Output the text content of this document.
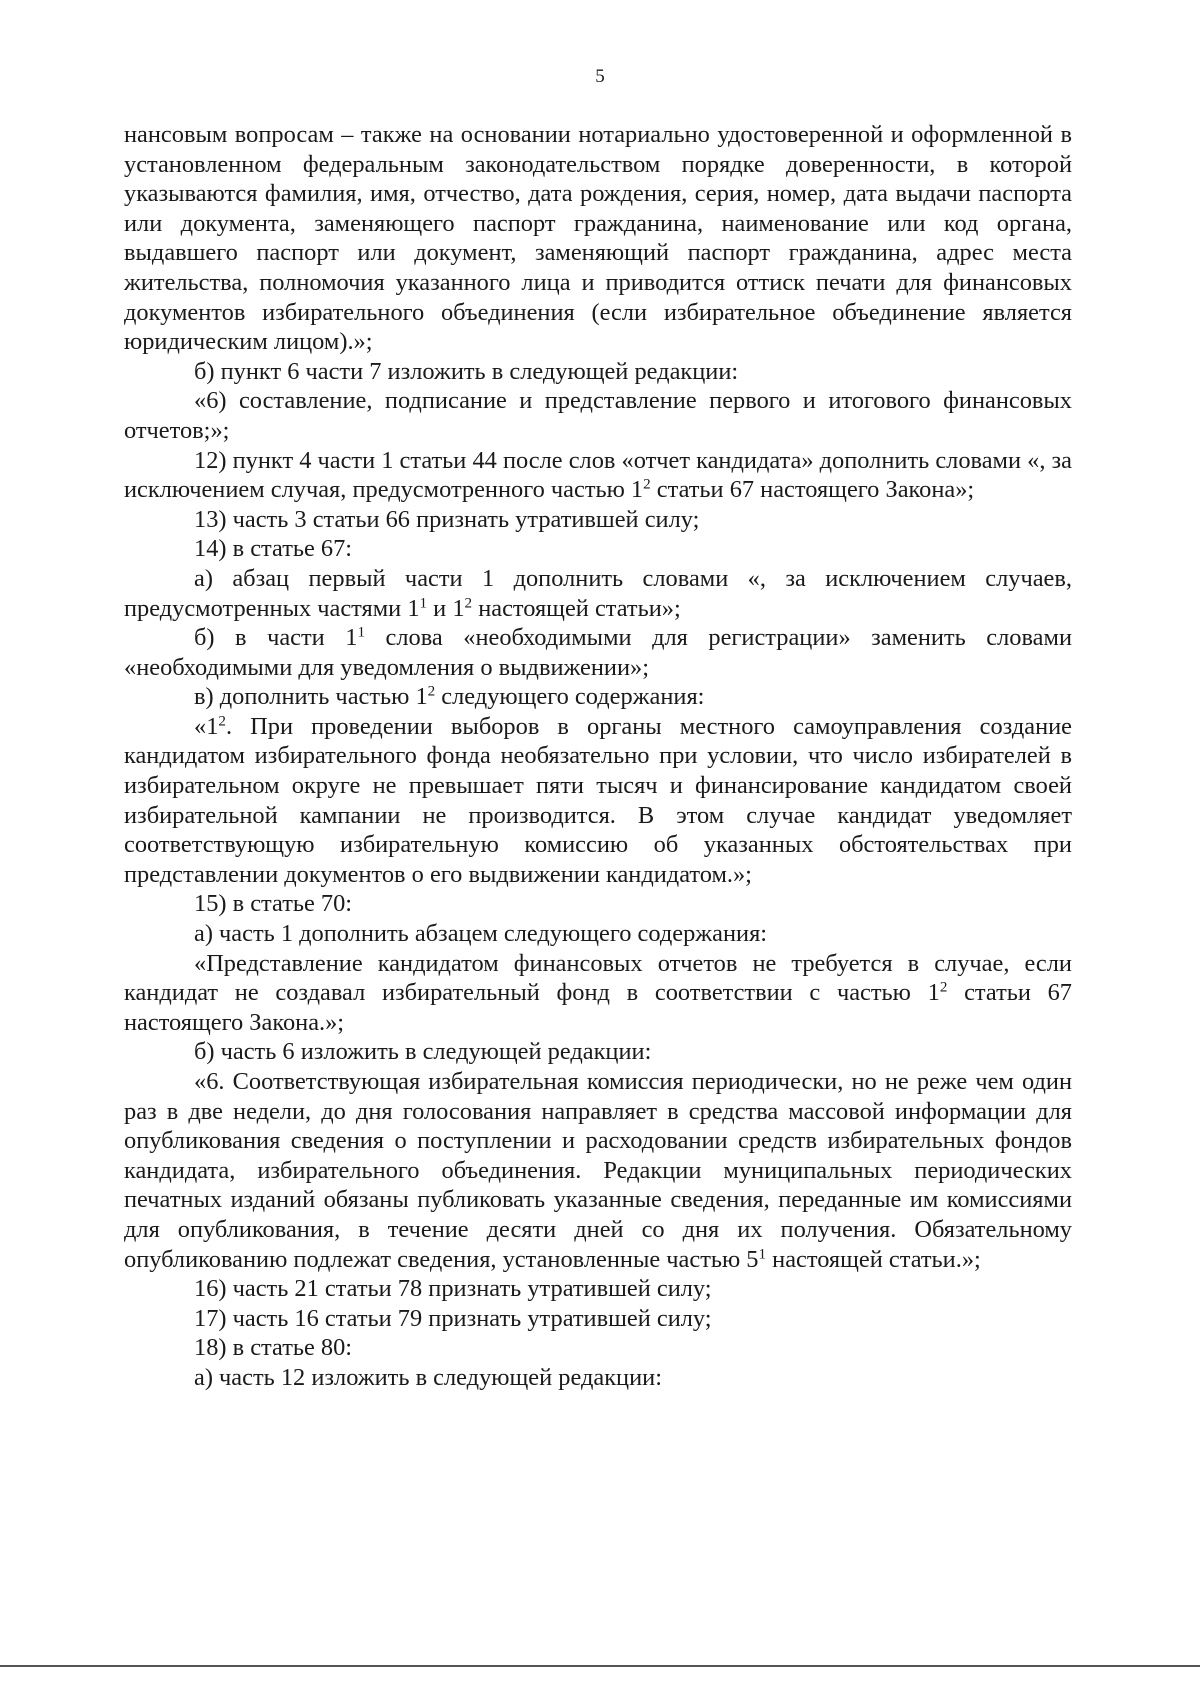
5

нансовым вопросам – также на основании нотариально удостоверенной и оформленной в установленном федеральным законодательством порядке доверенности, в которой указываются фамилия, имя, отчество, дата рождения, серия, номер, дата выдачи паспорта или документа, заменяющего паспорт гражданина, наименование или код органа, выдавшего паспорт или документ, заменяющий паспорт гражданина, адрес места жительства, полномочия указанного лица и приводится оттиск печати для финансовых документов избирательного объединения (если избирательное объединение является юридическим лицом).»;

б) пункт 6 части 7 изложить в следующей редакции:

«6) составление, подписание и представление первого и итогового финансовых отчетов;»;

12) пункт 4 части 1 статьи 44 после слов «отчет кандидата» дополнить словами «, за исключением случая, предусмотренного частью $1^2$ статьи 67 настоящего Закона»;

13) часть 3 статьи 66 признать утратившей силу;

14) в статье 67:

а) абзац первый части 1 дополнить словами «, за исключением случаев, предусмотренных частями $1^1$ и $1^2$ настоящей статьи»;

б) в части $1^1$ слова «необходимыми для регистрации» заменить словами «необходимыми для уведомления о выдвижении»;

в) дополнить частью $1^2$ следующего содержания:

«$1^2$. При проведении выборов в органы местного самоуправления создание кандидатом избирательного фонда необязательно при условии, что число избирателей в избирательном округе не превышает пяти тысяч и финансирование кандидатом своей избирательной кампании не производится. В этом случае кандидат уведомляет соответствующую избирательную комиссию об указанных обстоятельствах при представлении документов о его выдвижении кандидатом.»;

15) в статье 70:

а) часть 1 дополнить абзацем следующего содержания:

«Представление кандидатом финансовых отчетов не требуется в случае, если кандидат не создавал избирательный фонд в соответствии с частью $1^2$ статьи 67 настоящего Закона.»;

б) часть 6 изложить в следующей редакции:

«6. Соответствующая избирательная комиссия периодически, но не реже чем один раз в две недели, до дня голосования направляет в средства массовой информации для опубликования сведения о поступлении и расходовании средств избирательных фондов кандидата, избирательного объединения. Редакции муниципальных периодических печатных изданий обязаны публиковать указанные сведения, переданные им комиссиями для опубликования, в течение десяти дней со дня их получения. Обязательному опубликованию подлежат сведения, установленные частью $5^1$ настоящей статьи.»;

16) часть 21 статьи 78 признать утратившей силу;

17) часть 16 статьи 79 признать утратившей силу;

18) в статье 80:

а) часть 12 изложить в следующей редакции:
